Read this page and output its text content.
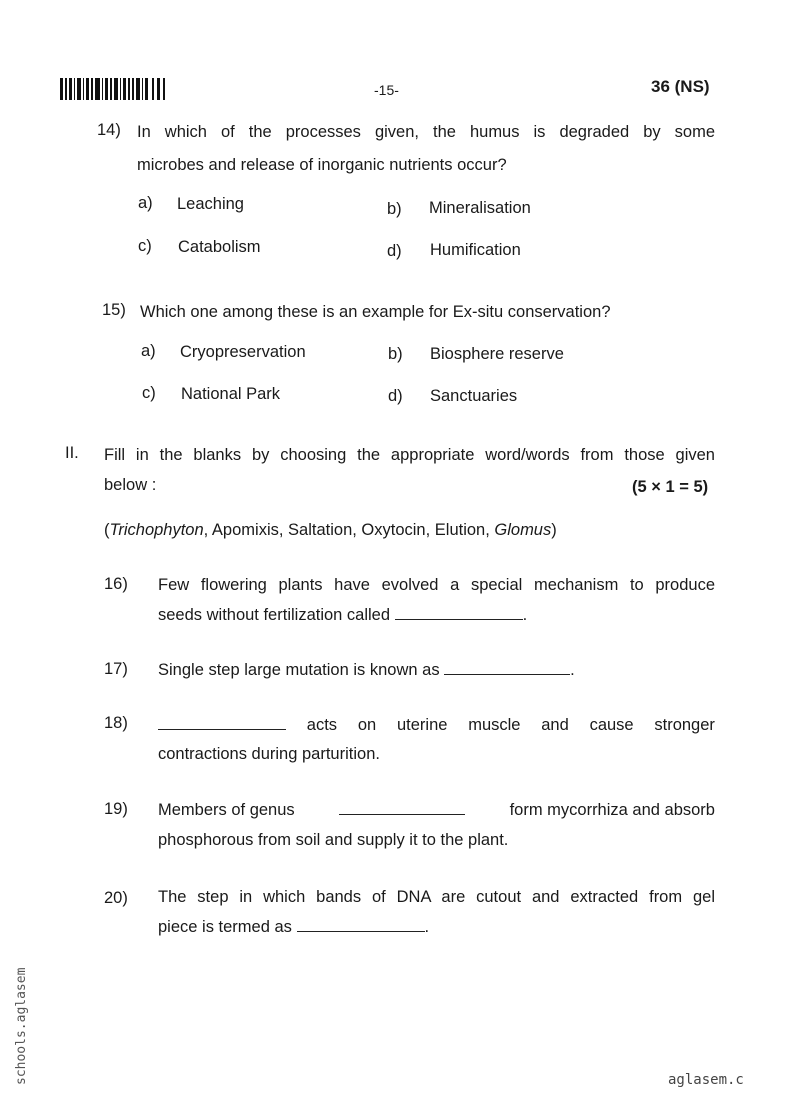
-15-	36 (NS)
14) In which of the processes given, the humus is degraded by some
microbes and release of inorganic nutrients occur?
a) Leaching	b) Mineralisation
c) Catabolism	d) Humification
15) Which one among these is an example for Ex-situ conservation?
a) Cryopreservation	b) Biosphere reserve
c) National Park	d) Sanctuaries
II. Fill in the blanks by choosing the appropriate word/words from those given
below :	(5 × 1 = 5)
(Trichophyton, Apomixis, Saltation, Oxytocin, Elution, Glomus)
16) Few flowering plants have evolved a special mechanism to produce
seeds without fertilization called	.
17) Single step large mutation is known as	.
18)	acts on uterine muscle and cause stronger
contractions during parturition.
19) Members of genus	form mycorrhiza and absorb
phosphorous from soil and supply it to the plant.
20) The step in which bands of DNA are cutout and extracted from gel
piece is termed as	.
schools.aglasem	aglasem.c
